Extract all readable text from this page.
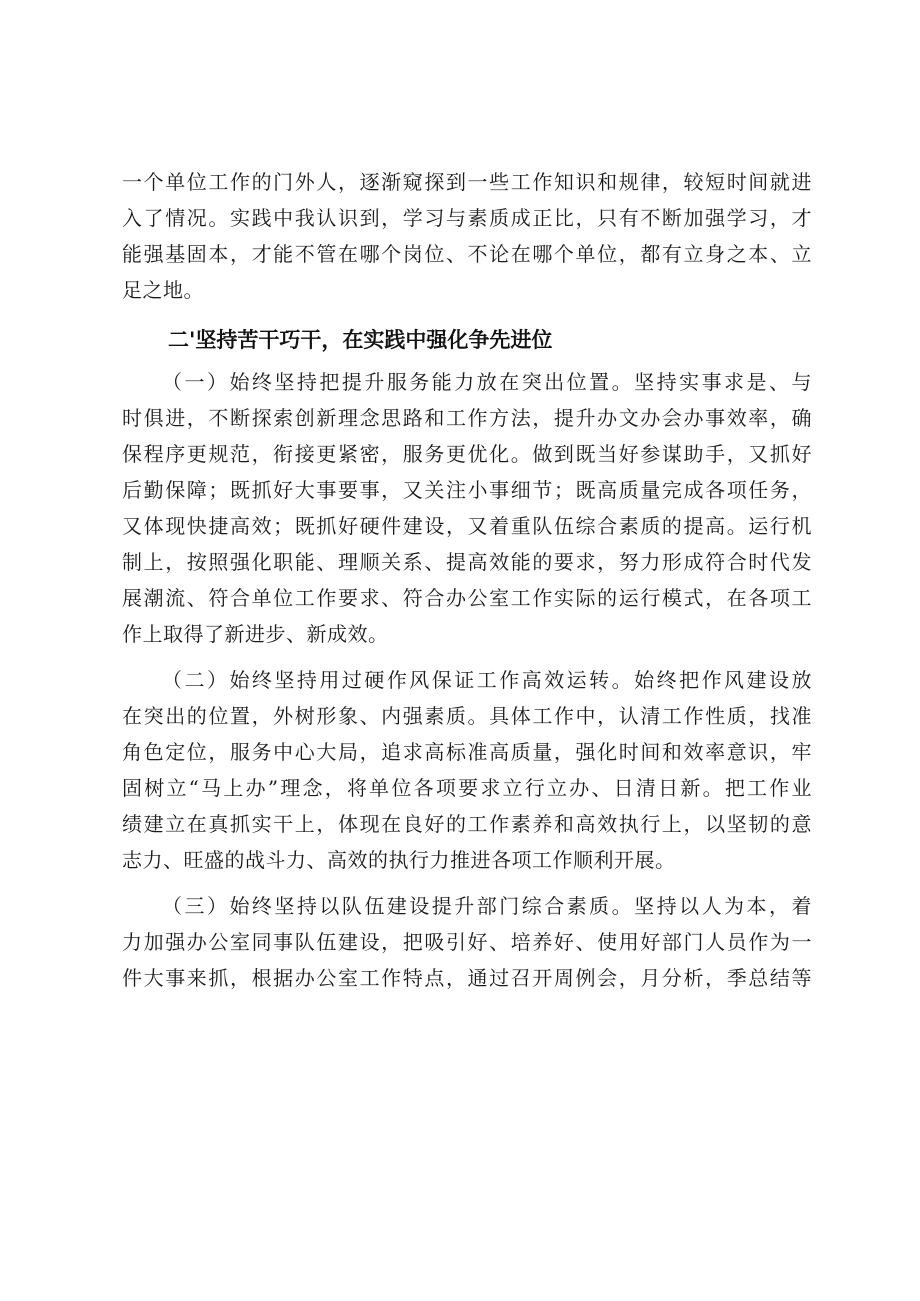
一个单位工作的门外人，逐渐窥探到一些工作知识和规律，较短时间就进
入了情况。实践中我认识到，学习与素质成正比，只有不断加强学习，才
能强基固本，才能不管在哪个岗位、不论在哪个单位，都有立身之本、立
足之地。
二'坚持苦干巧干，在实践中强化争先进位
（一）始终坚持把提升服务能力放在突出位置。坚持实事求是、与
时俱进，不断探索创新理念思路和工作方法，提升办文办会办事效率，确
保程序更规范，衔接更紧密，服务更优化。做到既当好参谋助手，又抓好
后勤保障；既抓好大事要事，又关注小事细节；既高质量完成各项任务，
又体现快捷高效；既抓好硬件建设，又着重队伍综合素质的提高。运行机
制上，按照强化职能、理顺关系、提高效能的要求，努力形成符合时代发
展潮流、符合单位工作要求、符合办公室工作实际的运行模式，在各项工
作上取得了新进步、新成效。
（二）始终坚持用过硬作风保证工作高效运转。始终把作风建设放
在突出的位置，外树形象、内强素质。具体工作中，认清工作性质，找准
角色定位，服务中心大局，追求高标准高质量，强化时间和效率意识，牢
固树立“马上办”理念，将单位各项要求立行立办、日清日新。把工作业
绩建立在真抓实干上，体现在良好的工作素养和高效执行上，以坚韧的意
志力、旺盛的战斗力、高效的执行力推进各项工作顺利开展。
（三）始终坚持以队伍建设提升部门综合素质。坚持以人为本，着
力加强办公室同事队伍建设，把吸引好、培养好、使用好部门人员作为一
件大事来抓，根据办公室工作特点，通过召开周例会，月分析，季总结等
